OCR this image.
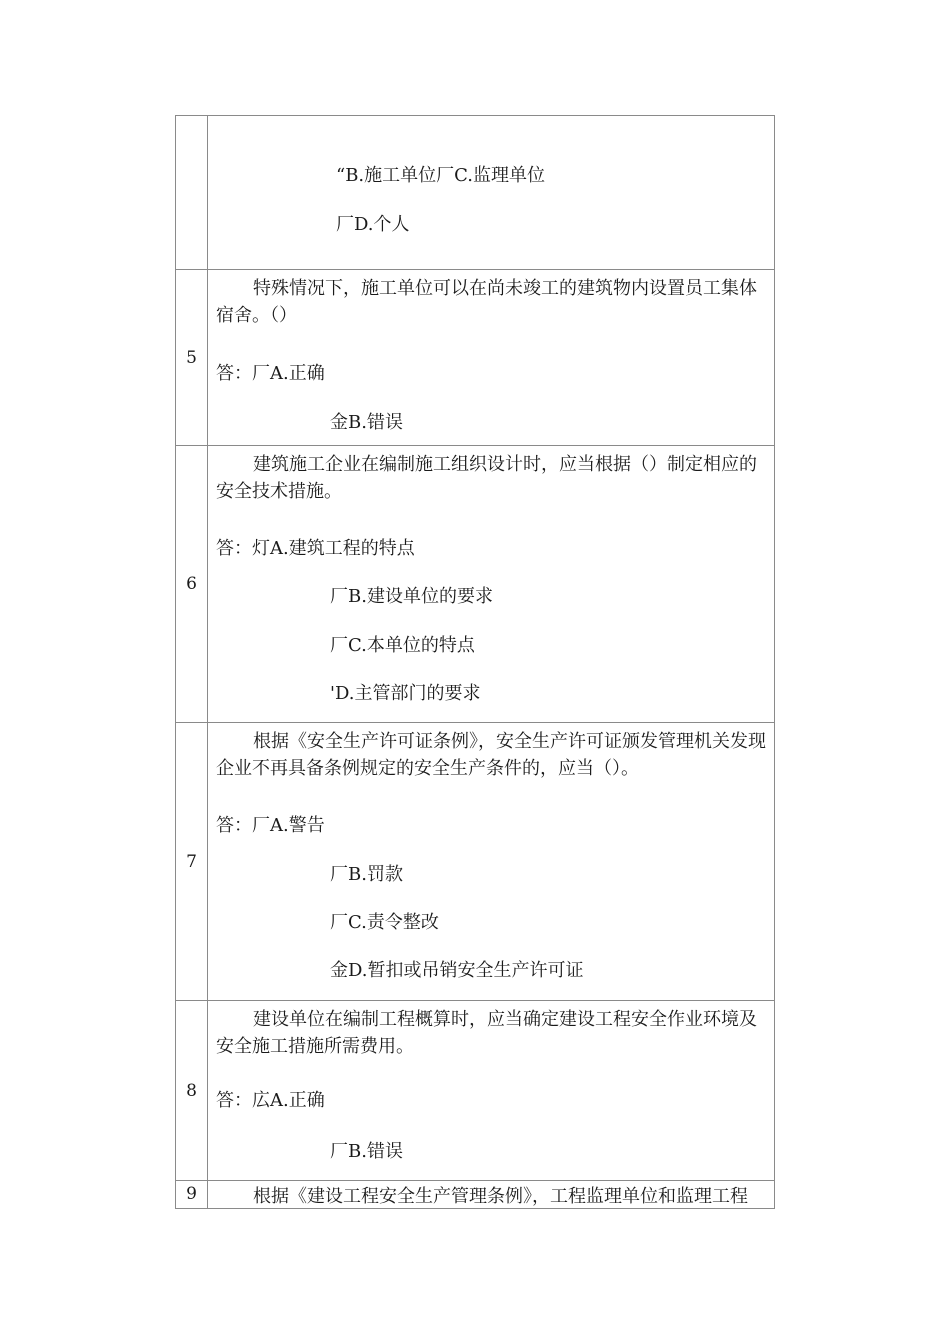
	“B.施工单位厂C.监理单位
厂D.个人

5	特殊情况下，施工单位可以在尚未竣工的建筑物内设置员工集体宿舍。（）
答：厂A.正确
金B.错误

6	建筑施工企业在编制施工组织设计时，应当根据（）制定相应的安全技术措施。
答：灯A.建筑工程的特点
厂B.建设单位的要求
厂C.本单位的特点
'D.主管部门的要求

7	根据《安全生产许可证条例》，安全生产许可证颁发管理机关发现企业不再具备条例规定的安全生产条件的，应当（）。
答：厂A.警告
厂B.罚款
厂C.责令整改
金D.暂扣或吊销安全生产许可证

8	建设单位在编制工程概算时，应当确定建设工程安全作业环境及安全施工措施所需费用。
答：広A.正确
厂B.错误

9	根据《建设工程安全生产管理条例》，工程监理单位和监理工程
